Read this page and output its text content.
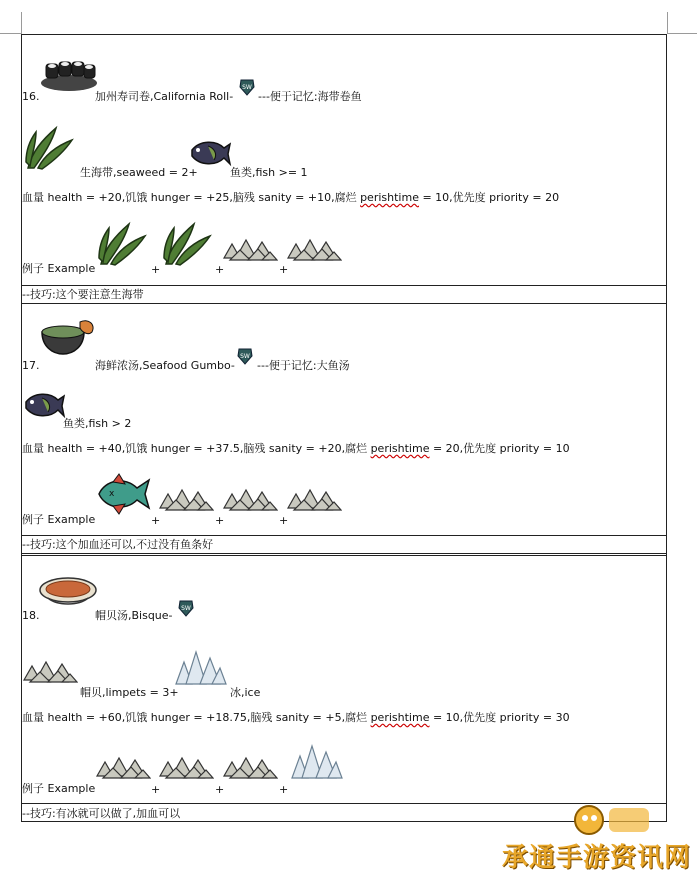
16.	加州寿司卷,California Roll-
SW
---便于记忆:海带卷鱼
生海带,seaweed = 2+	鱼类,fish >= 1
血量 health = +20,饥饿 hunger = +25,脑残 sanity = +10,腐烂 perishtime = 10,优先度 priority = 20
例子 Example	+	+	+
--技巧:这个要注意生海带
17.	海鲜浓汤,Seafood Gumbo-
SW
---便于记忆:大鱼汤
鱼类,fish > 2
血量 health = +40,饥饿 hunger = +37.5,脑残 sanity = +20,腐烂 perishtime = 20,优先度 priority = 10
例子 Example
x
+	+	+
--技巧:这个加血还可以,不过没有鱼条好
18.	帽贝汤,Bisque-
SW
帽贝,limpets = 3+	冰,ice
血量 health = +60,饥饿 hunger = +18.75,脑残 sanity = +5,腐烂 perishtime = 10,优先度 priority = 30
例子 Example	+	+	+
--技巧:有冰就可以做了,加血可以
承通手游资讯网
